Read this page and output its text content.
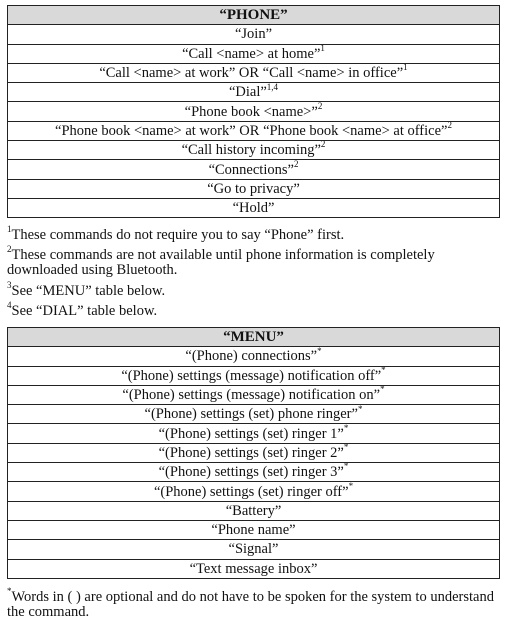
“PHONE”
“Join”
“Call <name> at home”$^1$
“Call <name> at work” OR “Call <name> in office”$^1$
“Dial”$^{1,4}$
“Phone book <name>”$^2$
“Phone book <name> at work” OR “Phone book <name> at office”$^2$
“Call history incoming”$^2$
“Connections”$^2$
“Go to privacy”
“Hold”

$^1$These commands do not require you to say “Phone” first.

$^2$These commands are not available until phone information is completely downloaded using Bluetooth.

$^3$See “MENU” table below.

$^4$See “DIAL” table below.

“MENU”
“(Phone) connections”*
“(Phone) settings (message) notification off”*
“(Phone) settings (message) notification on”*
“(Phone) settings (set) phone ringer”*
“(Phone) settings (set) ringer 1”*
“(Phone) settings (set) ringer 2”*
“(Phone) settings (set) ringer 3”*
“(Phone) settings (set) ringer off”*
“Battery”
“Phone name”
“Signal”
“Text message inbox”

*Words in ( ) are optional and do not have to be spoken for the system to understand the command.
